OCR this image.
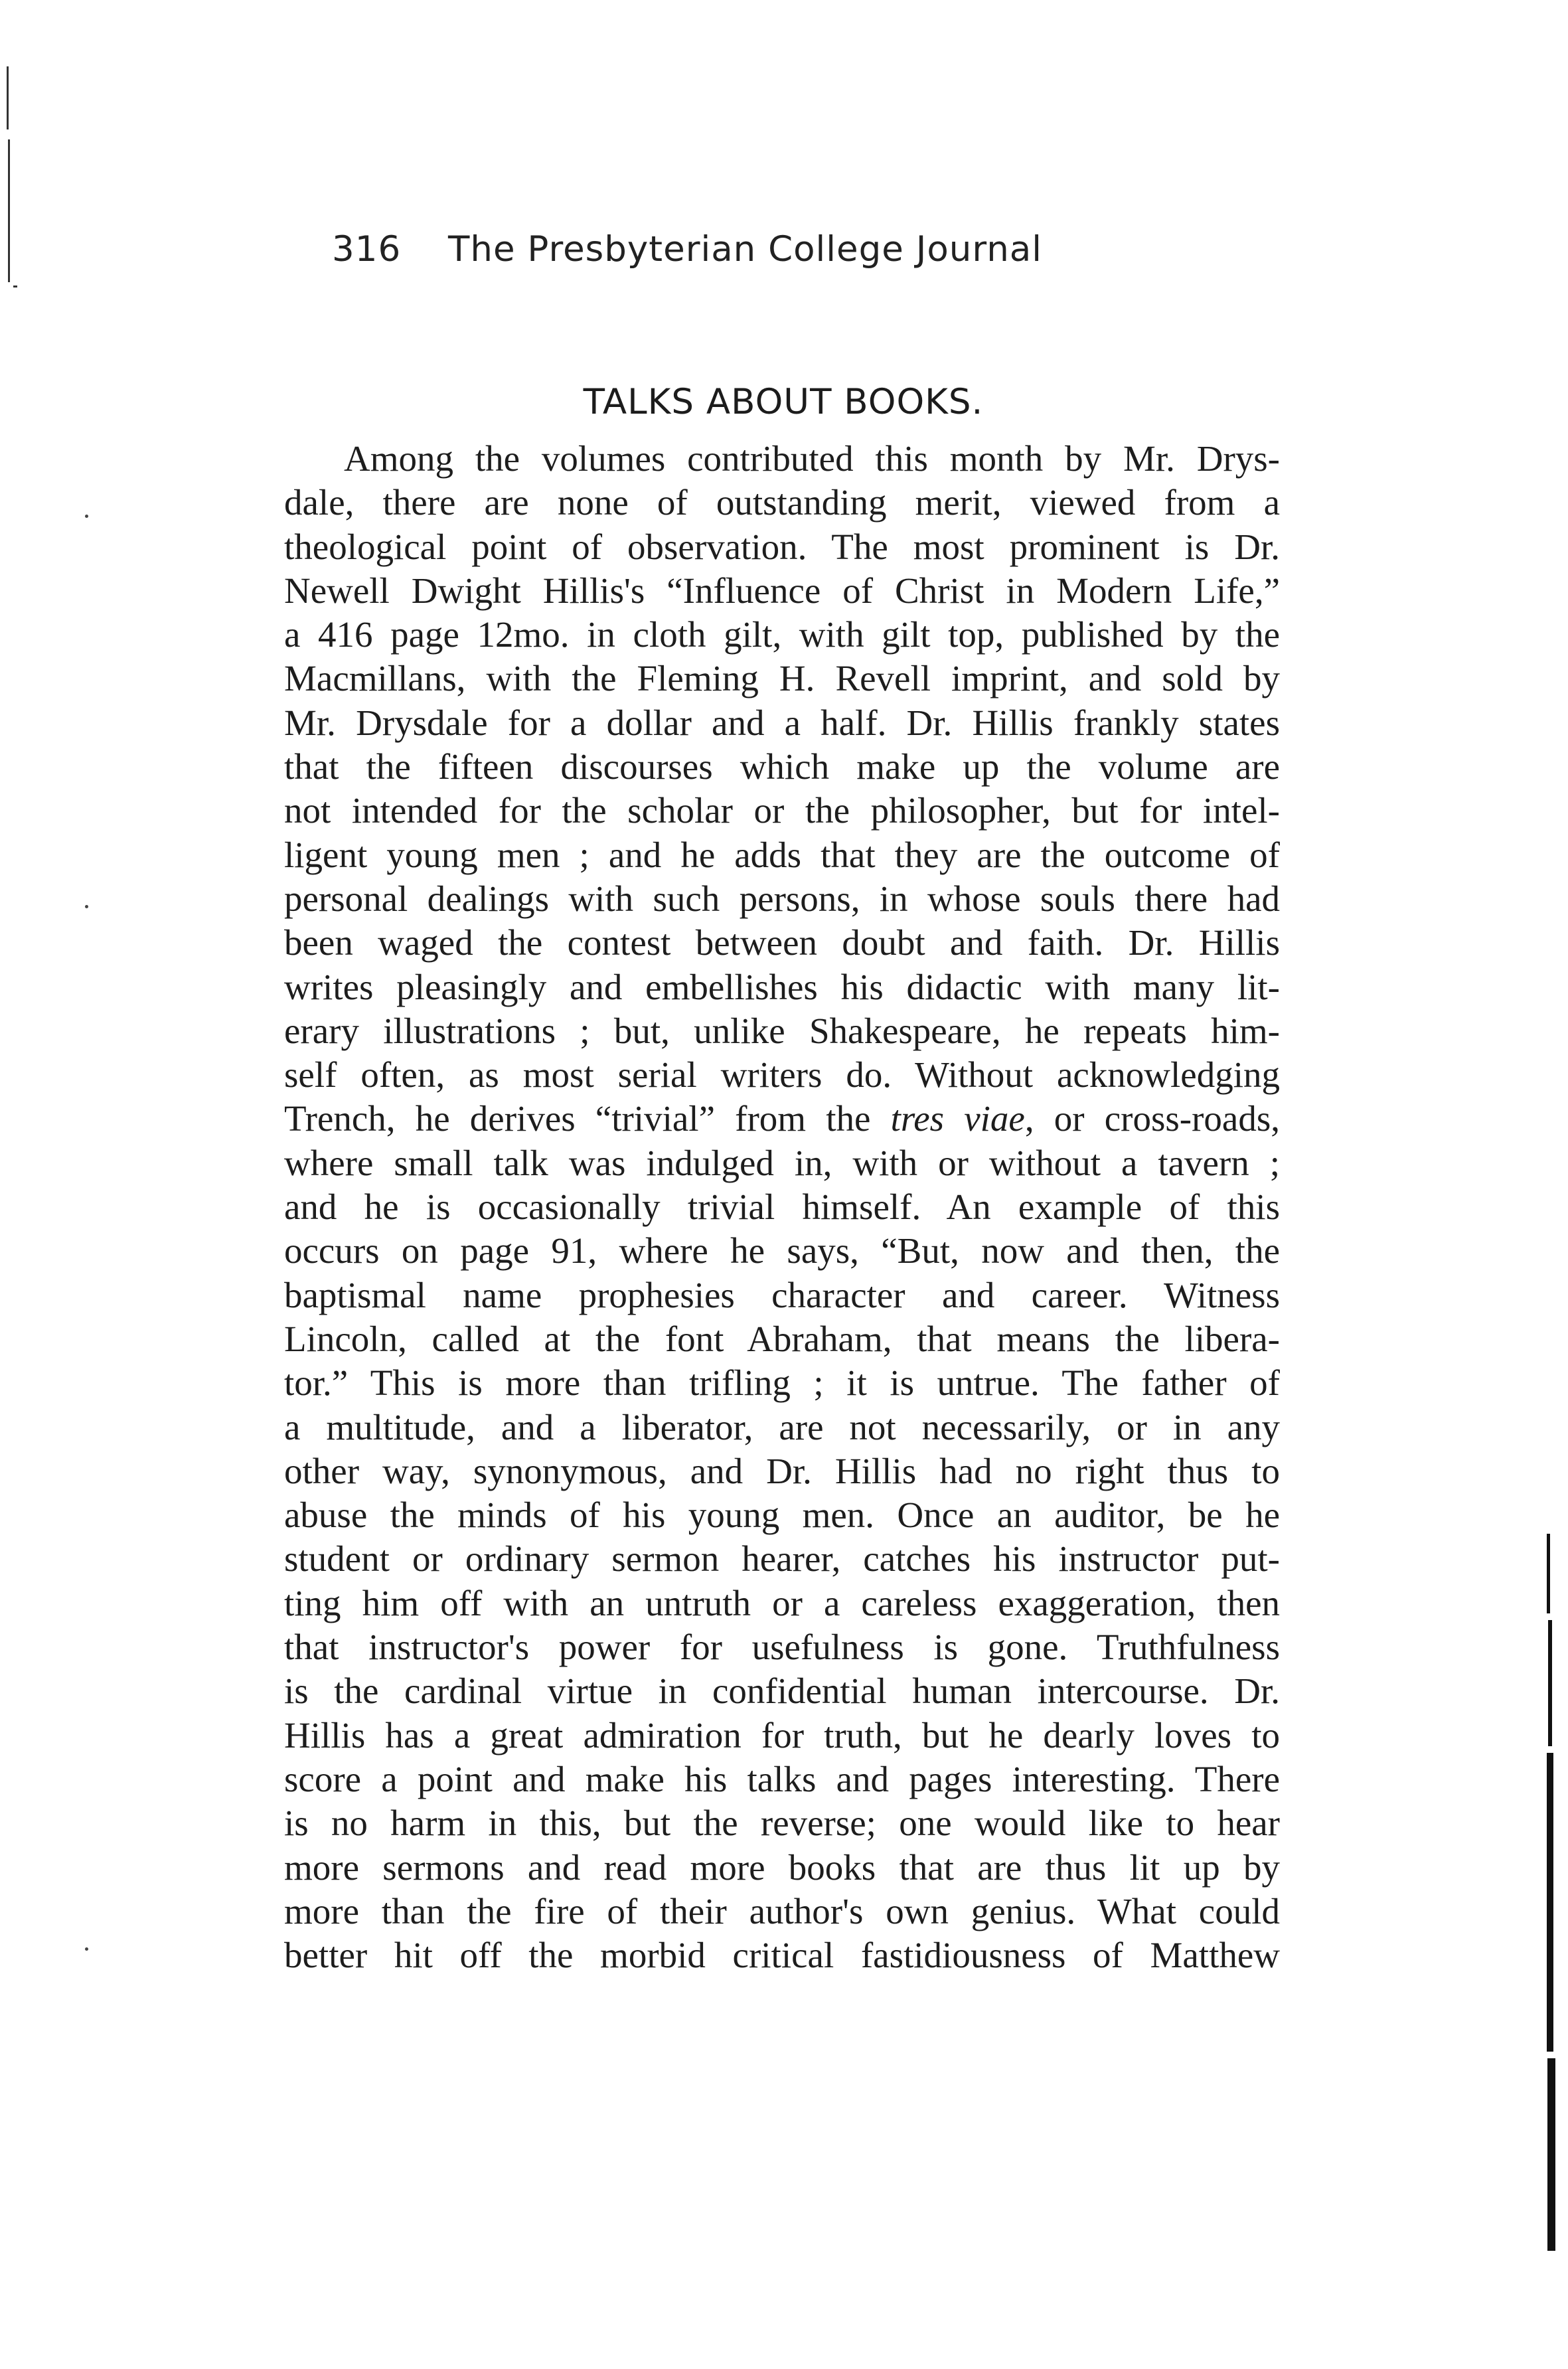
316	The Presbyterian College Journal
TALKS ABOUT BOOKS.
Among the volumes contributed this month by Mr. Drys-
dale, there are none of outstanding merit, viewed from a
theological point of observation. The most prominent is Dr.
Newell Dwight Hillis's “Influence of Christ in Modern Life,”
a 416 page 12mo. in cloth gilt, with gilt top, published by the
Macmillans, with the Fleming H. Revell imprint, and sold by
Mr. Drysdale for a dollar and a half. Dr. Hillis frankly states
that the fifteen discourses which make up the volume are
not intended for the scholar or the philosopher, but for intel-
ligent young men ; and he adds that they are the outcome of
personal dealings with such persons, in whose souls there had
been waged the contest between doubt and faith. Dr. Hillis
writes pleasingly and embellishes his didactic with many lit-
erary illustrations ; but, unlike Shakespeare, he repeats him-
self often, as most serial writers do. Without acknowledging
Trench, he derives “trivial” from the tres viae, or cross-roads,
where small talk was indulged in, with or without a tavern ;
and he is occasionally trivial himself. An example of this
occurs on page 91, where he says, “But, now and then, the
baptismal name prophesies character and career. Witness
Lincoln, called at the font Abraham, that means the libera-
tor.” This is more than trifling ; it is untrue. The father of
a multitude, and a liberator, are not necessarily, or in any
other way, synonymous, and Dr. Hillis had no right thus to
abuse the minds of his young men. Once an auditor, be he
student or ordinary sermon hearer, catches his instructor put-
ting him off with an untruth or a careless exaggeration, then
that instructor's power for usefulness is gone. Truthfulness
is the cardinal virtue in confidential human intercourse. Dr.
Hillis has a great admiration for truth, but he dearly loves to
score a point and make his talks and pages interesting. There
is no harm in this, but the reverse; one would like to hear
more sermons and read more books that are thus lit up by
more than the fire of their author's own genius. What could
better hit off the morbid critical fastidiousness of Matthew
